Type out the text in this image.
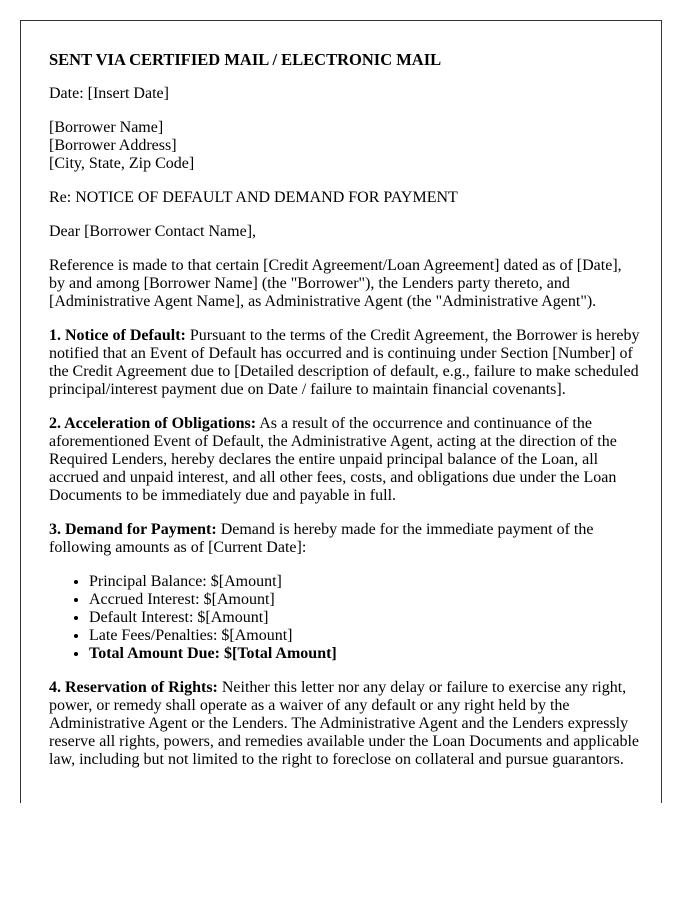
SENT VIA CERTIFIED MAIL / ELECTRONIC MAIL

Date: [Insert Date]

[Borrower Name]
[Borrower Address]
[City, State, Zip Code]

Re: NOTICE OF DEFAULT AND DEMAND FOR PAYMENT

Dear [Borrower Contact Name],

Reference is made to that certain [Credit Agreement/Loan Agreement] dated as of [Date], by and among [Borrower Name] (the "Borrower"), the Lenders party thereto, and [Administrative Agent Name], as Administrative Agent (the "Administrative Agent").

1. Notice of Default: Pursuant to the terms of the Credit Agreement, the Borrower is hereby notified that an Event of Default has occurred and is continuing under Section [Number] of the Credit Agreement due to [Detailed description of default, e.g., failure to make scheduled principal/interest payment due on Date / failure to maintain financial covenants].

2. Acceleration of Obligations: As a result of the occurrence and continuance of the aforementioned Event of Default, the Administrative Agent, acting at the direction of the Required Lenders, hereby declares the entire unpaid principal balance of the Loan, all accrued and unpaid interest, and all other fees, costs, and obligations due under the Loan Documents to be immediately due and payable in full.

3. Demand for Payment: Demand is hereby made for the immediate payment of the following amounts as of [Current Date]:

• Principal Balance: $[Amount]
• Accrued Interest: $[Amount]
• Default Interest: $[Amount]
• Late Fees/Penalties: $[Amount]
• Total Amount Due: $[Total Amount]

4. Reservation of Rights: Neither this letter nor any delay or failure to exercise any right, power, or remedy shall operate as a waiver of any default or any right held by the Administrative Agent or the Lenders. The Administrative Agent and the Lenders expressly reserve all rights, powers, and remedies available under the Loan Documents and applicable law, including but not limited to the right to foreclose on collateral and pursue guarantors.
